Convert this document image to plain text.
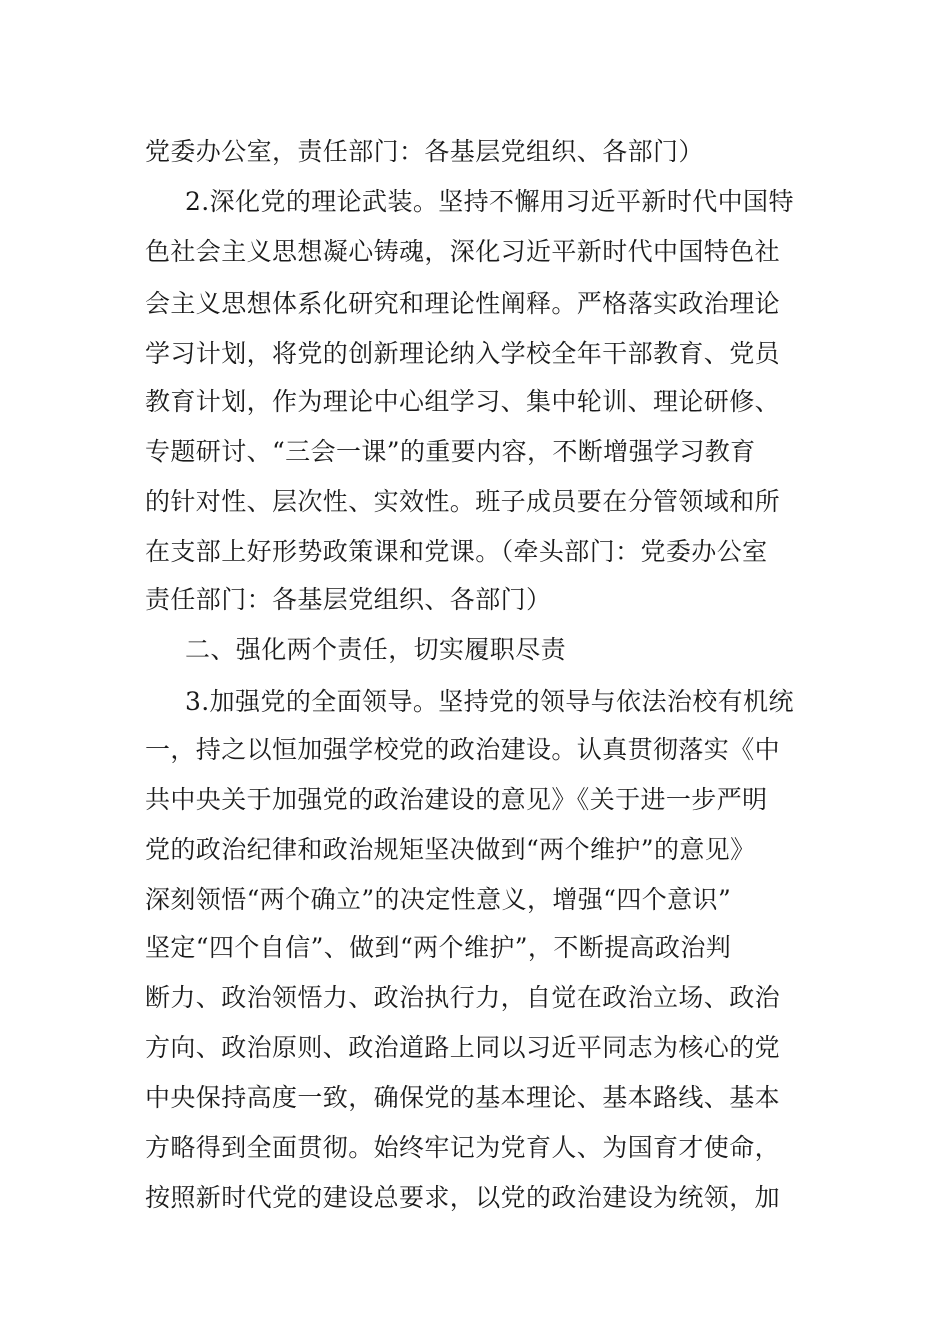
党委办公室，责任部门：各基层党组织、各部门）
2.深化党的理论武装。坚持不懈用习近平新时代中国特
色社会主义思想凝心铸魂，深化习近平新时代中国特色社
会主义思想体系化研究和理论性阐释。严格落实政治理论
学习计划，将党的创新理论纳入学校全年干部教育、党员
教育计划，作为理论中心组学习、集中轮训、理论研修、
专题研讨、“三会一课”的重要内容，不断增强学习教育
的针对性、层次性、实效性。班子成员要在分管领域和所
在支部上好形势政策课和党课。（牵头部门：党委办公室
责任部门：各基层党组织、各部门）
二、强化两个责任，切实履职尽责
3.加强党的全面领导。坚持党的领导与依法治校有机统
一，持之以恒加强学校党的政治建设。认真贯彻落实《中
共中央关于加强党的政治建设的意见》《关于进一步严明
党的政治纪律和政治规矩坚决做到“两个维护”的意见》
深刻领悟“两个确立”的决定性意义，增强“四个意识”
坚定“四个自信”、做到“两个维护”，不断提高政治判
断力、政治领悟力、政治执行力，自觉在政治立场、政治
方向、政治原则、政治道路上同以习近平同志为核心的党
中央保持高度一致，确保党的基本理论、基本路线、基本
方略得到全面贯彻。始终牢记为党育人、为国育才使命，
按照新时代党的建设总要求，以党的政治建设为统领，加
